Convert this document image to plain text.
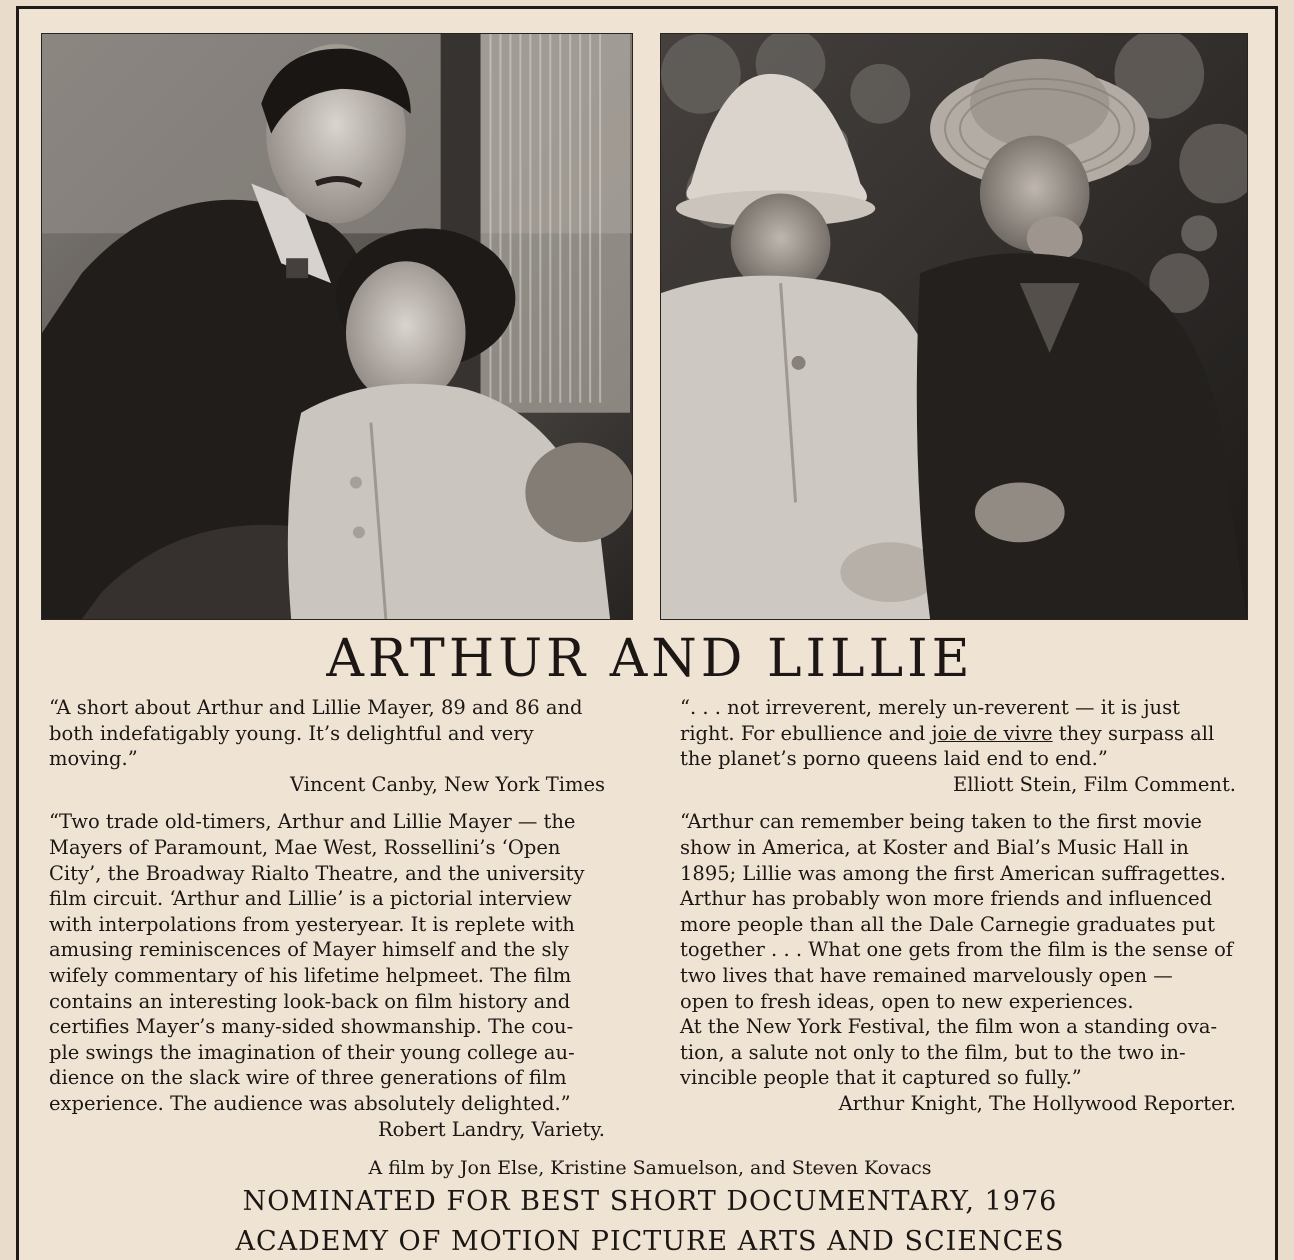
ARTHUR AND LILLIE

“A short about Arthur and Lillie Mayer, 89 and 86 and
both indefatigably young. It’s delightful and very
moving.”

Vincent Canby, New York Times

“Two trade old-timers, Arthur and Lillie Mayer — the
Mayers of Paramount, Mae West, Rossellini’s ‘Open
City’, the Broadway Rialto Theatre, and the university
film circuit. ‘Arthur and Lillie’ is a pictorial interview
with interpolations from yesteryear. It is replete with
amusing reminiscences of Mayer himself and the sly
wifely commentary of his lifetime helpmeet. The film
contains an interesting look-back on film history and
certifies Mayer’s many-sided showmanship. The cou-
ple swings the imagination of their young college au-
dience on the slack wire of three generations of film
experience. The audience was absolutely delighted.”

Robert Landry, Variety.

“. . . not irreverent, merely un-reverent — it is just
right. For ebullience and joie de vivre they surpass all
the planet’s porno queens laid end to end.”

Elliott Stein, Film Comment.

“Arthur can remember being taken to the first movie
show in America, at Koster and Bial’s Music Hall in
1895; Lillie was among the first American suffragettes.
Arthur has probably won more friends and influenced
more people than all the Dale Carnegie graduates put
together . . . What one gets from the film is the sense of
two lives that have remained marvelously open —
open to fresh ideas, open to new experiences.
At the New York Festival, the film won a standing ova-
tion, a salute not only to the film, but to the two in-
vincible people that it captured so fully.”

Arthur Knight, The Hollywood Reporter.

A film by Jon Else, Kristine Samuelson, and Steven Kovacs

NOMINATED FOR BEST SHORT DOCUMENTARY, 1976

ACADEMY OF MOTION PICTURE ARTS AND SCIENCES
